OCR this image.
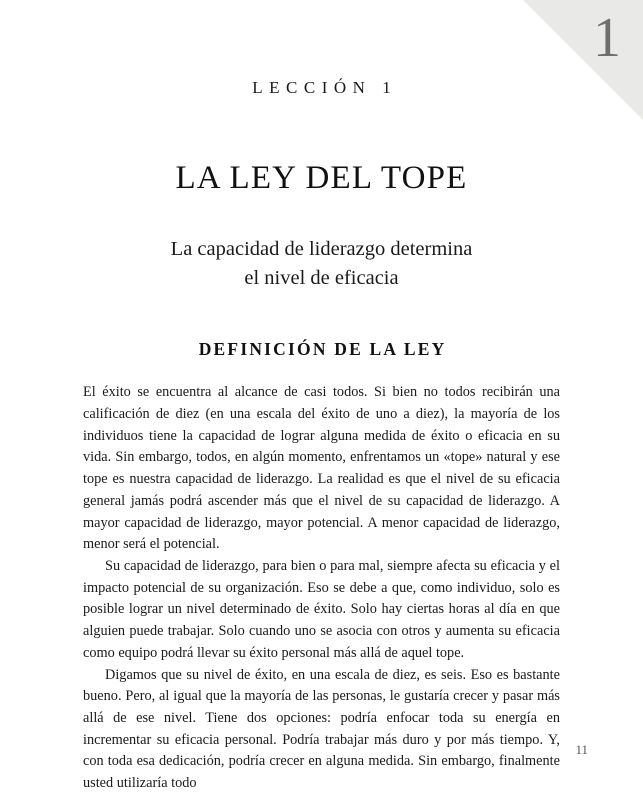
1
LECCIÓN 1
LA LEY DEL TOPE
La capacidad de liderazgo determina
el nivel de eficacia
DEFINICIÓN DE LA LEY

El éxito se encuentra al alcance de casi todos. Si bien no todos recibirán una calificación de diez (en una escala del éxito de uno a diez), la mayoría de los individuos tiene la capacidad de lograr alguna medida de éxito o eficacia en su vida. Sin embargo, todos, en algún momento, enfrentamos un «tope» natural y ese tope es nuestra capacidad de liderazgo. La realidad es que el nivel de su eficacia general jamás podrá ascender más que el nivel de su capacidad de liderazgo. A mayor capacidad de liderazgo, mayor potencial. A menor capacidad de liderazgo, menor será el potencial.

Su capacidad de liderazgo, para bien o para mal, siempre afecta su eficacia y el impacto potencial de su organización. Eso se debe a que, como individuo, solo es posible lograr un nivel determinado de éxito. Solo hay ciertas horas al día en que alguien puede trabajar. Solo cuando uno se asocia con otros y aumenta su eficacia como equipo podrá llevar su éxito personal más allá de aquel tope.

Digamos que su nivel de éxito, en una escala de diez, es seis. Eso es bastante bueno. Pero, al igual que la mayoría de las personas, le gustaría crecer y pasar más allá de ese nivel. Tiene dos opciones: podría enfocar toda su energía en incrementar su eficacia personal. Podría trabajar más duro y por más tiempo. Y, con toda esa dedicación, podría crecer en alguna medida. Sin embargo, finalmente usted utilizaría todo

11
